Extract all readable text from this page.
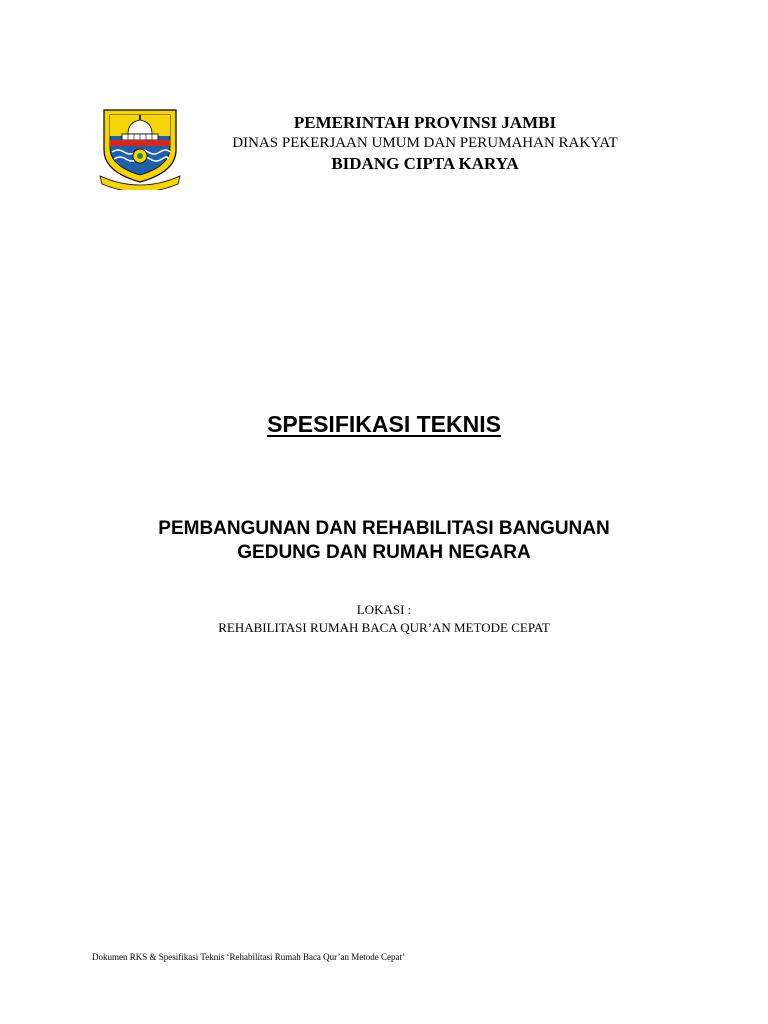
PEMERINTAH PROVINSI JAMBI
DINAS PEKERJAAN UMUM DAN PERUMAHAN RAKYAT
BIDANG CIPTA KARYA
SPESIFIKASI TEKNIS
PEMBANGUNAN DAN REHABILITASI BANGUNAN
GEDUNG DAN RUMAH NEGARA
LOKASI :
REHABILITASI RUMAH BACA QUR’AN METODE CEPAT
Dokumen RKS & Spesifikasi Teknis ‘Rehabilitasi Rumah Baca Qur’an Metode Cepat’
